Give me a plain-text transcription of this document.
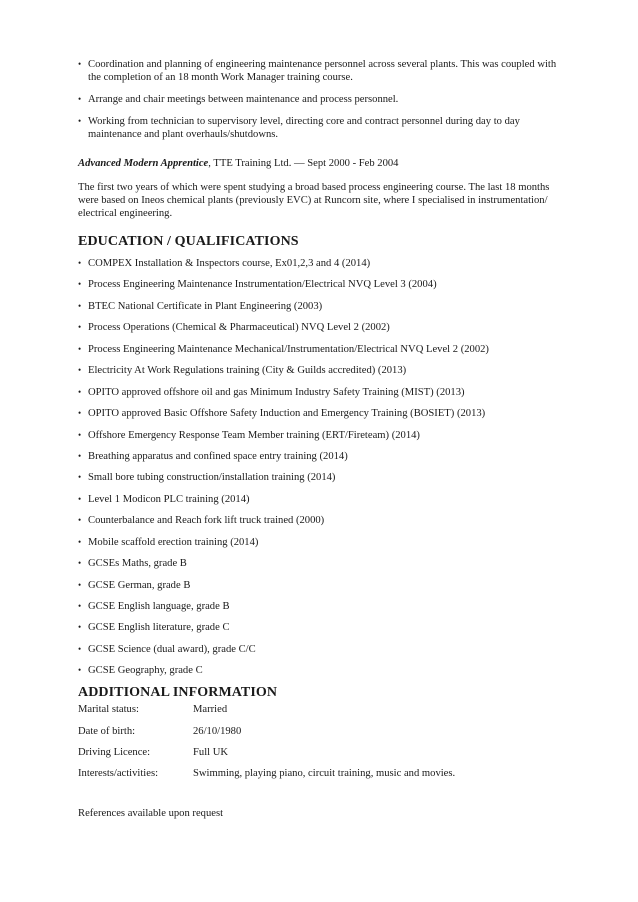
• Coordination and planning of engineering maintenance personnel across several plants. This was coupled with the completion of an 18 month Work Manager training course.
• Arrange and chair meetings between maintenance and process personnel.
• Working from technician to supervisory level, directing core and contract personnel during day to day maintenance and plant overhauls/shutdowns.

Advanced Modern Apprentice, TTE Training Ltd. — Sept 2000 - Feb 2004

The first two years of which were spent studying a broad based process engineering course. The last 18 months were based on Ineos chemical plants (previously EVC) at Runcorn site, where I specialised in instrumentation/ electrical engineering.

EDUCATION / QUALIFICATIONS
• COMPEX Installation & Inspectors course, Ex01,2,3 and 4 (2014)
• Process Engineering Maintenance Instrumentation/Electrical NVQ Level 3 (2004)
• BTEC National Certificate in Plant Engineering (2003)
• Process Operations (Chemical & Pharmaceutical) NVQ Level 2 (2002)
• Process Engineering Maintenance Mechanical/Instrumentation/Electrical NVQ Level 2 (2002)
• Electricity At Work Regulations training (City & Guilds accredited) (2013)
• OPITO approved offshore oil and gas Minimum Industry Safety Training (MIST) (2013)
• OPITO approved Basic Offshore Safety Induction and Emergency Training (BOSIET) (2013)
• Offshore Emergency Response Team Member training (ERT/Fireteam) (2014)
• Breathing apparatus and confined space entry training (2014)
• Small bore tubing construction/installation training (2014)
• Level 1 Modicon PLC training (2014)
• Counterbalance and Reach fork lift truck trained (2000)
• Mobile scaffold erection training (2014)
• GCSEs Maths, grade B
• GCSE German, grade B
• GCSE English language, grade B
• GCSE English literature, grade C
• GCSE Science (dual award), grade C/C
• GCSE Geography, grade C
ADDITIONAL INFORMATION
Marital status:	Married
Date of birth:	26/10/1980
Driving Licence:	Full UK
Interests/activities:	Swimming, playing piano, circuit training, music and movies.

References available upon request
